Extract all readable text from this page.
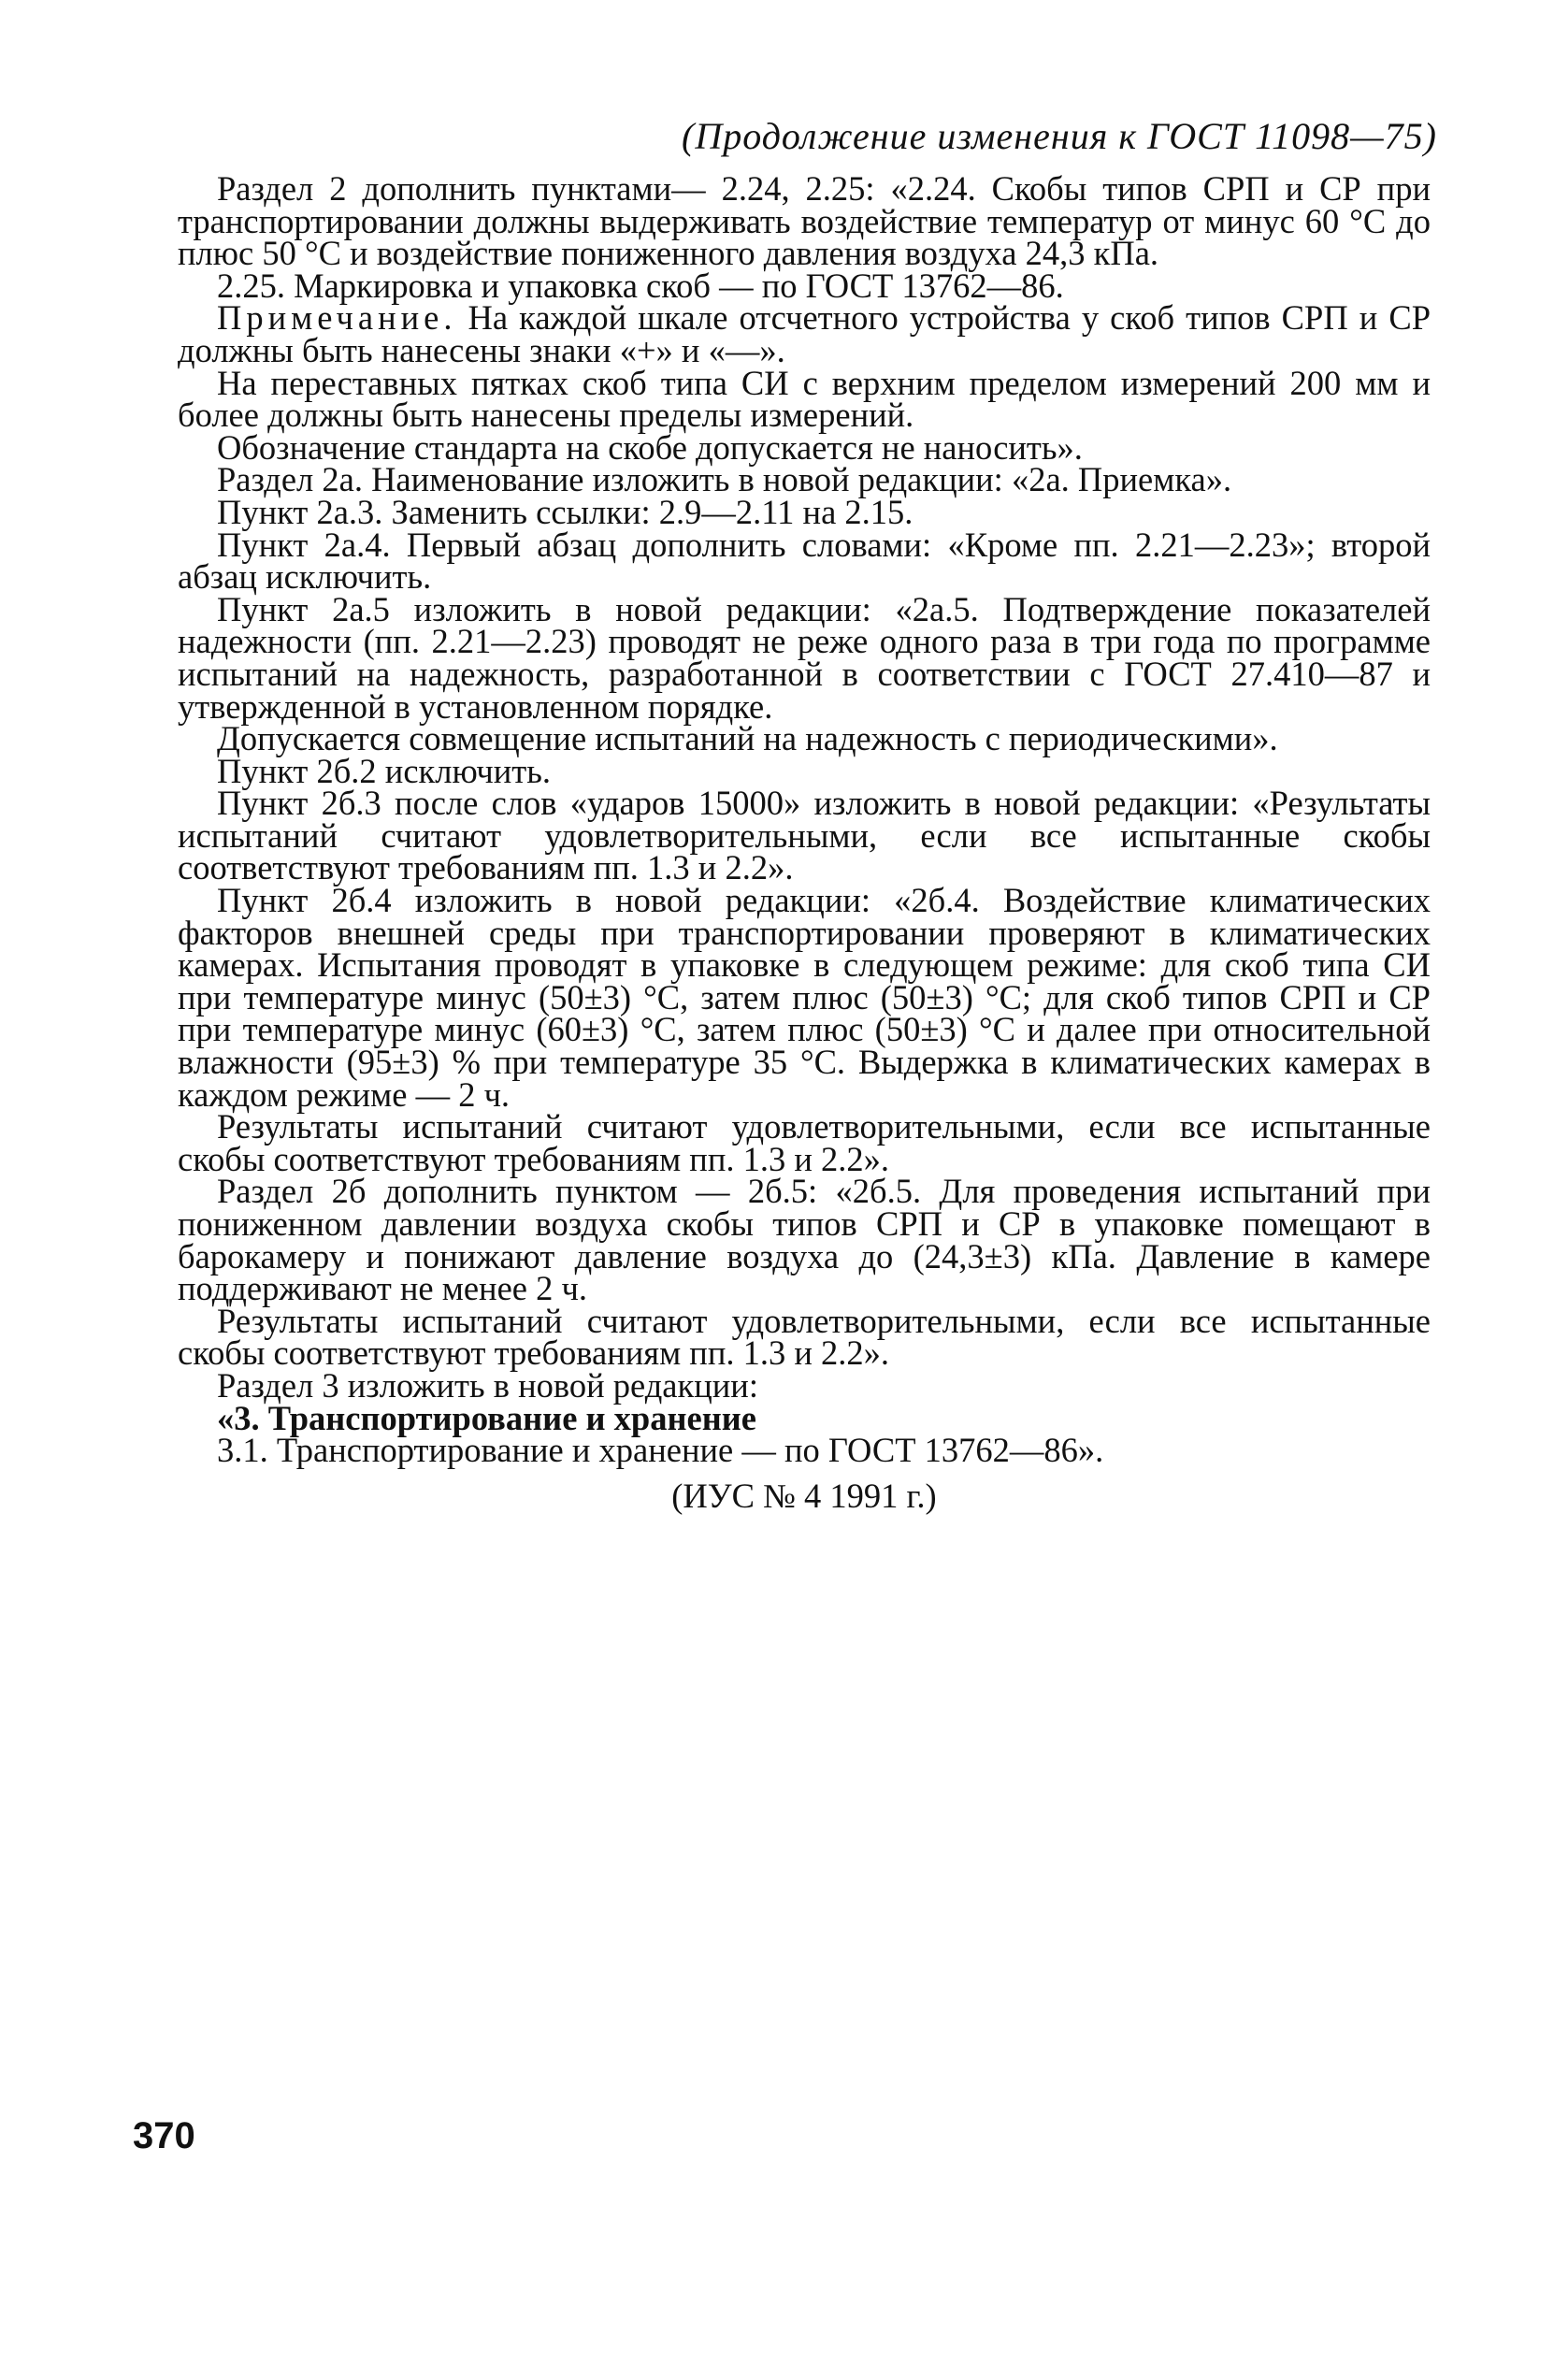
(Продолжение изменения к ГОСТ 11098—75)

Раздел 2 дополнить пунктами— 2.24, 2.25: «2.24. Скобы типов СРП и СР при транспортировании должны выдерживать воздействие температур от минус 60 °С до плюс 50 °С и воздействие пониженного давления воздуха 24,3 кПа.

2.25. Маркировка и упаковка скоб — по ГОСТ 13762—86.

Примечание. На каждой шкале отсчетного устройства у скоб типов СРП и СР должны быть нанесены знаки «+» и «—».

На переставных пятках скоб типа СИ с верхним пределом измерений 200 мм и более должны быть нанесены пределы измерений.

Обозначение стандарта на скобе допускается не наносить».

Раздел 2а. Наименование изложить в новой редакции: «2а. Приемка».

Пункт 2а.3. Заменить ссылки: 2.9—2.11 на 2.15.

Пункт 2а.4. Первый абзац дополнить словами: «Кроме пп. 2.21—2.23»; второй абзац исключить.

Пункт 2а.5 изложить в новой редакции: «2а.5. Подтверждение показателей надежности (пп. 2.21—2.23) проводят не реже одного раза в три года по программе испытаний на надежность, разработанной в соответствии с ГОСТ 27.410—87 и утвержденной в установленном порядке.

Допускается совмещение испытаний на надежность с периодическими».

Пункт 2б.2 исключить.

Пункт 2б.3 после слов «ударов 15000» изложить в новой редакции: «Результаты испытаний считают удовлетворительными, если все испытанные скобы соответствуют требованиям пп. 1.3 и 2.2».

Пункт 2б.4 изложить в новой редакции: «2б.4. Воздействие климатических факторов внешней среды при транспортировании проверяют в климатических камерах. Испытания проводят в упаковке в следующем режиме: для скоб типа СИ при температуре минус (50±3) °С, затем плюс (50±3) °С; для скоб типов СРП и СР при температуре минус (60±3) °С, затем плюс (50±3) °С и далее при относительной влажности (95±3) % при температуре 35 °С. Выдержка в климатических камерах в каждом режиме — 2 ч.

Результаты испытаний считают удовлетворительными, если все испытанные скобы соответствуют требованиям пп. 1.3 и 2.2».

Раздел 2б дополнить пунктом — 2б.5: «2б.5. Для проведения испытаний при пониженном давлении воздуха скобы типов СРП и СР в упаковке помещают в барокамеру и понижают давление воздуха до (24,3±3) кПа. Давление в камере поддерживают не менее 2 ч.

Результаты испытаний считают удовлетворительными, если все испытанные скобы соответствуют требованиям пп. 1.3 и 2.2».

Раздел 3 изложить в новой редакции:

«3. Транспортирование и хранение

3.1. Транспортирование и хранение — по ГОСТ 13762—86».

(ИУС № 4 1991 г.)

370
